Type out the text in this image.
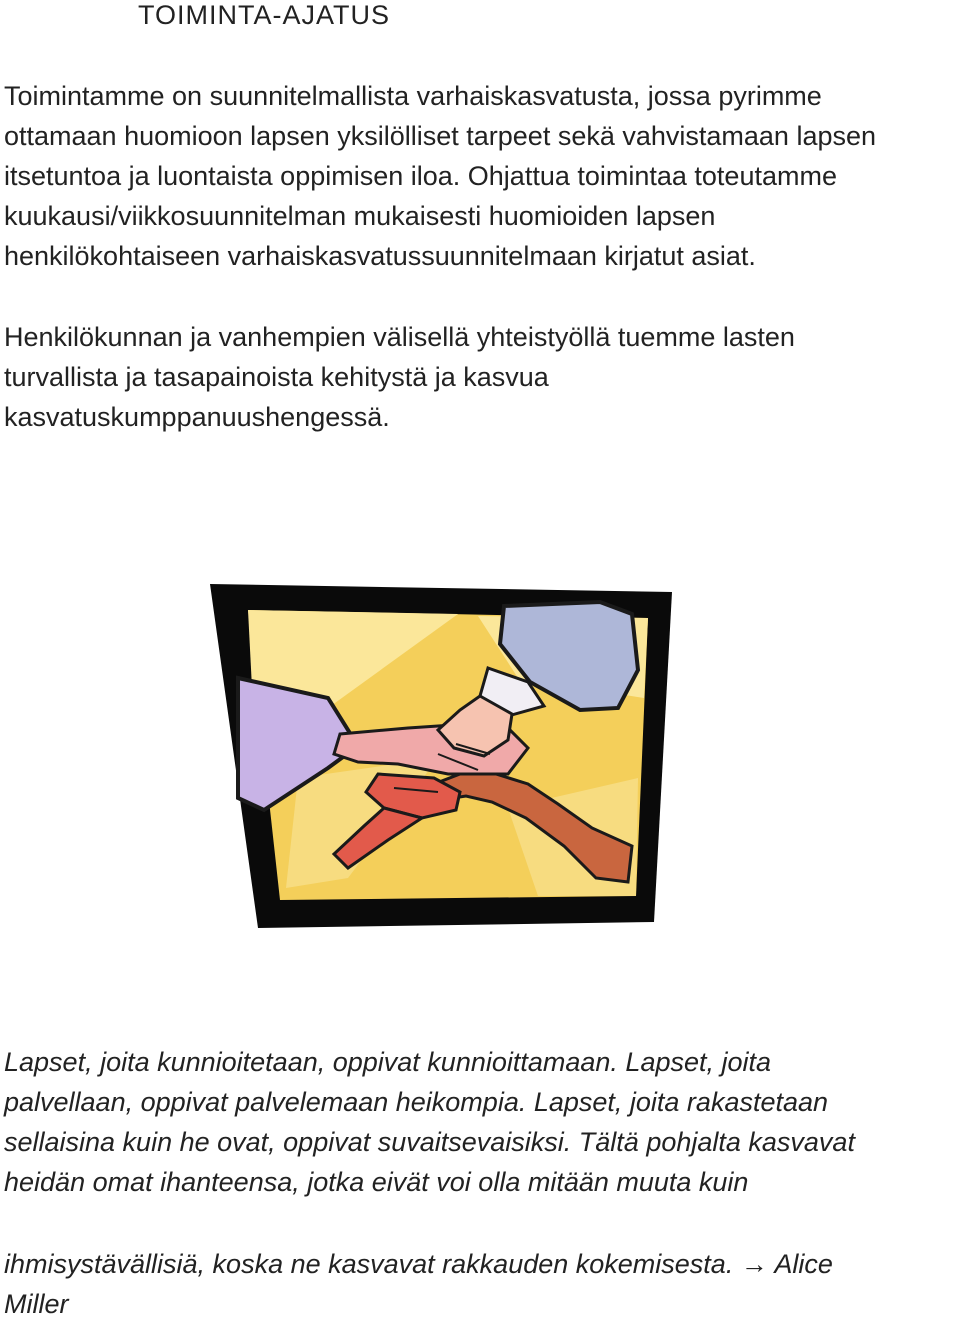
TOIMINTA-AJATUS
Toimintamme on suunnitelmallista varhaiskasvatusta, jossa pyrimme
ottamaan huomioon lapsen yksilölliset tarpeet sekä vahvistamaan lapsen
itsetuntoa ja luontaista oppimisen iloa. Ohjattua toimintaa toteutamme
kuukausi/viikkosuunnitelman mukaisesti huomioiden lapsen
henkilökohtaiseen varhaiskasvatussuunnitelmaan kirjatut asiat.
Henkilökunnan ja vanhempien välisellä yhteistyöllä tuemme lasten
turvallista ja tasapainoista kehitystä ja kasvua
kasvatuskumppanuushengessä.
Lapset, joita kunnioitetaan, oppivat kunnioittamaan. Lapset, joita
palvellaan, oppivat palvelemaan heikompia. Lapset, joita rakastetaan
sellaisina kuin he ovat, oppivat suvaitsevaisiksi. Tältä pohjalta kasvavat
heidän omat ihanteensa, jotka eivät voi olla mitään muuta kuin
ihmisystävällisiä, koska ne kasvavat rakkauden kokemisesta. → Alice
Miller
